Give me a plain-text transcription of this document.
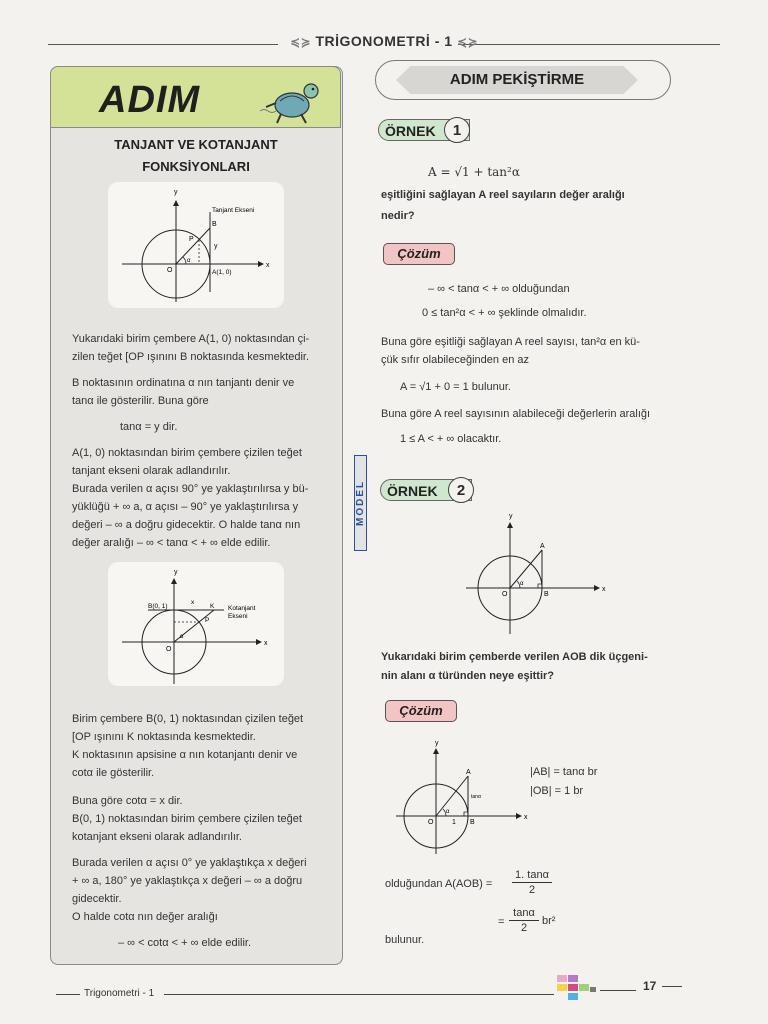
≼≽ TRİGONOMETRİ - 1 ≼≽
ADIM
TANJANT VE KOTANJANT
FONKSİYONLARI
y
x
Tanjant Ekseni
B
P
y
O	A(1, 0)
α
Yukarıdaki birim çembere A(1, 0) noktasından çi-
zilen teğet [OP ışınını B noktasında kesmektedir.
B noktasının ordinatına α nın tanjantı denir ve
tanα ile gösterilir. Buna göre
tanα = y dir.
A(1, 0) noktasından birim çembere çizilen teğet
tanjant ekseni olarak adlandırılır.
Burada verilen α açısı 90° ye yaklaştırılırsa y bü-
yüklüğü + ∞ a, α açısı – 90° ye yaklaştırılırsa y
değeri – ∞ a doğru gidecektir. O halde tanα nın
değer aralığı – ∞ < tanα < + ∞ elde edilir.
y
x
B(0, 1)
x
K
P
Kotanjant
Ekseni
O
α
Birim çembere B(0, 1) noktasından çizilen teğet
[OP ışınını K noktasında kesmektedir.
K noktasının apsisine α nın kotanjantı denir ve
cotα ile gösterilir.
Buna göre cotα = x dir.
B(0, 1) noktasından birim çembere çizilen teğet
kotanjant ekseni olarak adlandırılır.
Burada verilen α açısı 0° ye yaklaştıkça x değeri
+ ∞ a, 180° ye yaklaştıkça x değeri – ∞ a doğru
gidecektir.
O halde cotα nın değer aralığı
– ∞ < cotα < + ∞ elde edilir.
MODEL
ADIM PEKİŞTİRME
ÖRNEK	1
A = √1 + tan²α
eşitliğini sağlayan A reel sayıların değer aralığı
nedir?
Çözüm
– ∞ < tanα < + ∞ olduğundan
0 ≤ tan²α < + ∞ şeklinde olmalıdır.
Buna göre eşitliği sağlayan A reel sayısı, tan²α en kü-
çük sıfır olabileceğinden en az
A = √1 + 0 = 1 bulunur.
Buna göre A reel sayısının alabileceği değerlerin aralığı
1 ≤ A < + ∞ olacaktır.
ÖRNEK	2
y
x
A
O	B
α
Yukarıdaki birim çemberde verilen AOB dik üçgeni-
nin alanı α türünden neye eşittir?
Çözüm
y
x
A
O	1 B
tanα
α
|AB| = tanα br
|OB| = 1 br
olduğundan A(AOB) =
1. tanα
2
=
tanα
2
br²
bulunur.
Trigonometri - 1
17
